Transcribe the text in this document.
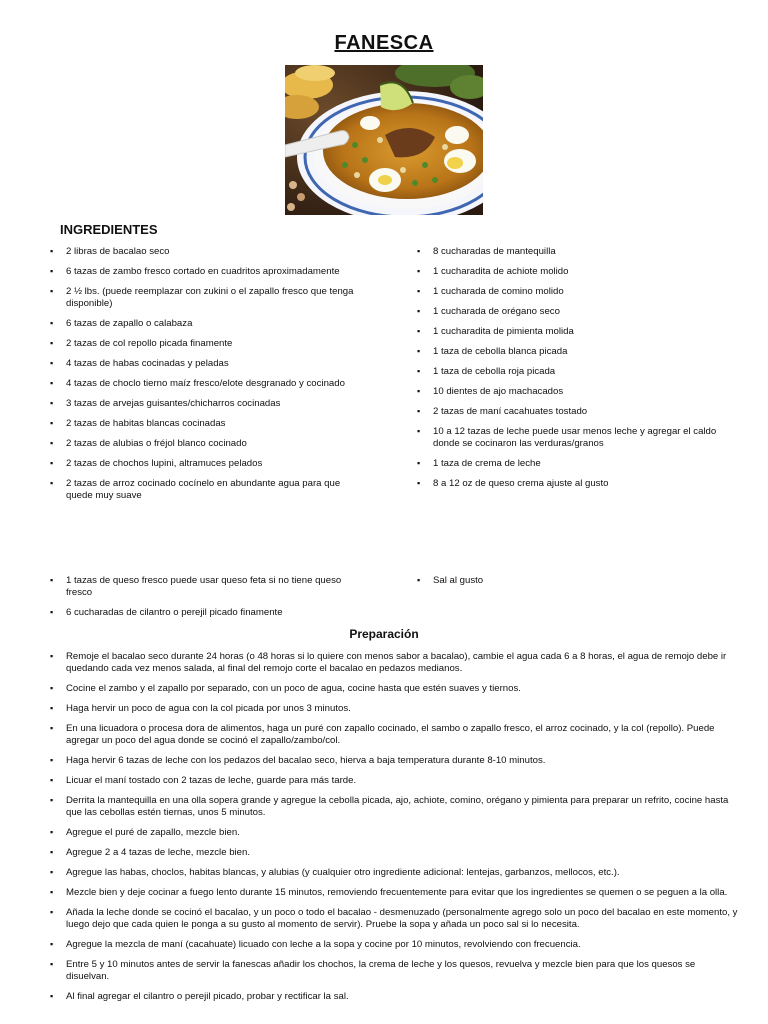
FANESCA
INGREDIENTES
▪ 2 libras de bacalao seco
▪ 6 tazas de zambo fresco cortado en cuadritos aproximadamente
▪ 2 ½ lbs. (puede reemplazar con zukini o el zapallo fresco que tenga disponible)
▪ 6 tazas de zapallo o calabaza
▪ 2 tazas de col repollo picada finamente
▪ 4 tazas de habas cocinadas y peladas
▪ 4 tazas de choclo tierno maíz fresco/elote desgranado y cocinado
▪ 3 tazas de arvejas guisantes/chicharros cocinadas
▪ 2 tazas de habitas blancas cocinadas
▪ 2 tazas de alubias o fréjol blanco cocinado
▪ 2 tazas de chochos lupini, altramuces pelados
▪ 2 tazas de arroz cocinado cocínelo en abundante agua para que quede muy suave
▪ 8 cucharadas de mantequilla
▪ 1 cucharadita de achiote molido
▪ 1 cucharada de comino molido
▪ 1 cucharada de orégano seco
▪ 1 cucharadita de pimienta molida
▪ 1 taza de cebolla blanca picada
▪ 1 taza de cebolla roja picada
▪ 10 dientes de ajo machacados
▪ 2 tazas de maní cacahuates tostado
▪ 10 a 12 tazas de leche puede usar menos leche y agregar el caldo donde se cocinaron las verduras/granos
▪ 1 taza de crema de leche
▪ 8 a 12 oz de queso crema ajuste al gusto
▪ 1 tazas de queso fresco puede usar queso feta si no tiene queso fresco
▪ 6 cucharadas de cilantro o perejil picado finamente
▪ Sal al gusto
Preparación
▪ Remoje el bacalao seco durante 24 horas (o 48 horas si lo quiere con menos sabor a bacalao), cambie el agua cada 6 a 8 horas, el agua de remojo debe ir quedando cada vez menos salada, al final del remojo corte el bacalao en pedazos medianos.
▪ Cocine el zambo y el zapallo por separado, con un poco de agua, cocine hasta que estén suaves y tiernos.
▪ Haga hervir un poco de agua con la col picada por unos 3 minutos.
▪ En una licuadora o procesa dora de alimentos, haga un puré con zapallo cocinado, el sambo o zapallo fresco, el arroz cocinado, y la col (repollo). Puede agregar un poco del agua donde se cocinó el zapallo/zambo/col.
▪ Haga hervir 6 tazas de leche con los pedazos del bacalao seco, hierva a baja temperatura durante 8-10 minutos.
▪ Licuar el maní tostado con 2 tazas de leche, guarde para más tarde.
▪ Derrita la mantequilla en una olla sopera grande y agregue la cebolla picada, ajo, achiote, comino, orégano y pimienta para preparar un refrito, cocine hasta que las cebollas estén tiernas, unos 5 minutos.
▪ Agregue el puré de zapallo, mezcle bien.
▪ Agregue 2 a 4 tazas de leche, mezcle bien.
▪ Agregue las habas, choclos, habitas blancas, y alubias (y cualquier otro ingrediente adicional: lentejas, garbanzos, mellocos, etc.).
▪ Mezcle bien y deje cocinar a fuego lento durante 15 minutos, removiendo frecuentemente para evitar que los ingredientes se quemen o se peguen a la olla.
▪ Añada la leche donde se cocinó el bacalao, y un poco o todo el bacalao - desmenuzado (personalmente agrego solo un poco del bacalao en este momento, y luego dejo que cada quien le ponga a su gusto al momento de servir). Pruebe la sopa y añada un poco sal si lo necesita.
▪ Agregue la mezcla de maní (cacahuate) licuado con leche a la sopa y cocine por 10 minutos, revolviendo con frecuencia.
▪ Entre 5 y 10 minutos antes de servir la fanescas añadir los chochos, la crema de leche y los quesos, revuelva y mezcle bien para que los quesos se disuelvan.
▪ Al final agregar el cilantro o perejil picado, probar y rectificar la sal.
